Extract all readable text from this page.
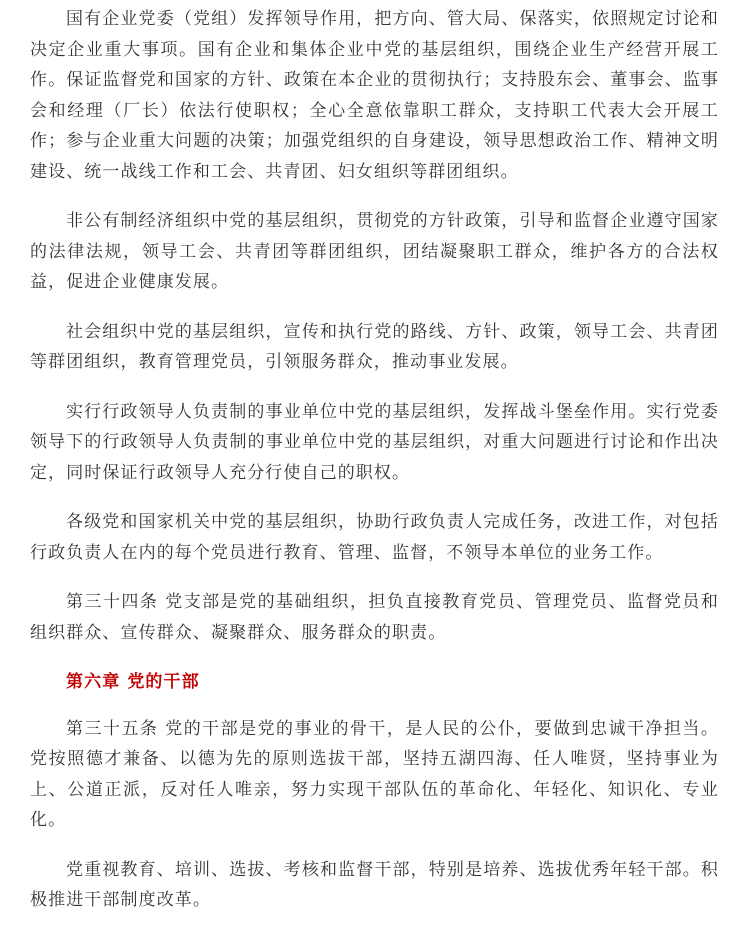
国有企业党委（党组）发挥领导作用，把方向、管大局、保落实，依照规定讨论和决定企业重大事项。国有企业和集体企业中党的基层组织，围绕企业生产经营开展工作。保证监督党和国家的方针、政策在本企业的贯彻执行；支持股东会、董事会、监事会和经理（厂长）依法行使职权；全心全意依靠职工群众，支持职工代表大会开展工作；参与企业重大问题的决策；加强党组织的自身建设，领导思想政治工作、精神文明建设、统一战线工作和工会、共青团、妇女组织等群团组织。

非公有制经济组织中党的基层组织，贯彻党的方针政策，引导和监督企业遵守国家的法律法规，领导工会、共青团等群团组织，团结凝聚职工群众，维护各方的合法权益，促进企业健康发展。

社会组织中党的基层组织，宣传和执行党的路线、方针、政策，领导工会、共青团等群团组织，教育管理党员，引领服务群众，推动事业发展。

实行行政领导人负责制的事业单位中党的基层组织，发挥战斗堡垒作用。实行党委领导下的行政领导人负责制的事业单位中党的基层组织，对重大问题进行讨论和作出决定，同时保证行政领导人充分行使自己的职权。

各级党和国家机关中党的基层组织，协助行政负责人完成任务，改进工作，对包括行政负责人在内的每个党员进行教育、管理、监督，不领导本单位的业务工作。

第三十四条 党支部是党的基础组织，担负直接教育党员、管理党员、监督党员和组织群众、宣传群众、凝聚群众、服务群众的职责。

第六章 党的干部

第三十五条 党的干部是党的事业的骨干，是人民的公仆，要做到忠诚干净担当。党按照德才兼备、以德为先的原则选拔干部，坚持五湖四海、任人唯贤，坚持事业为上、公道正派，反对任人唯亲，努力实现干部队伍的革命化、年轻化、知识化、专业化。

党重视教育、培训、选拔、考核和监督干部，特别是培养、选拔优秀年轻干部。积极推进干部制度改革。
